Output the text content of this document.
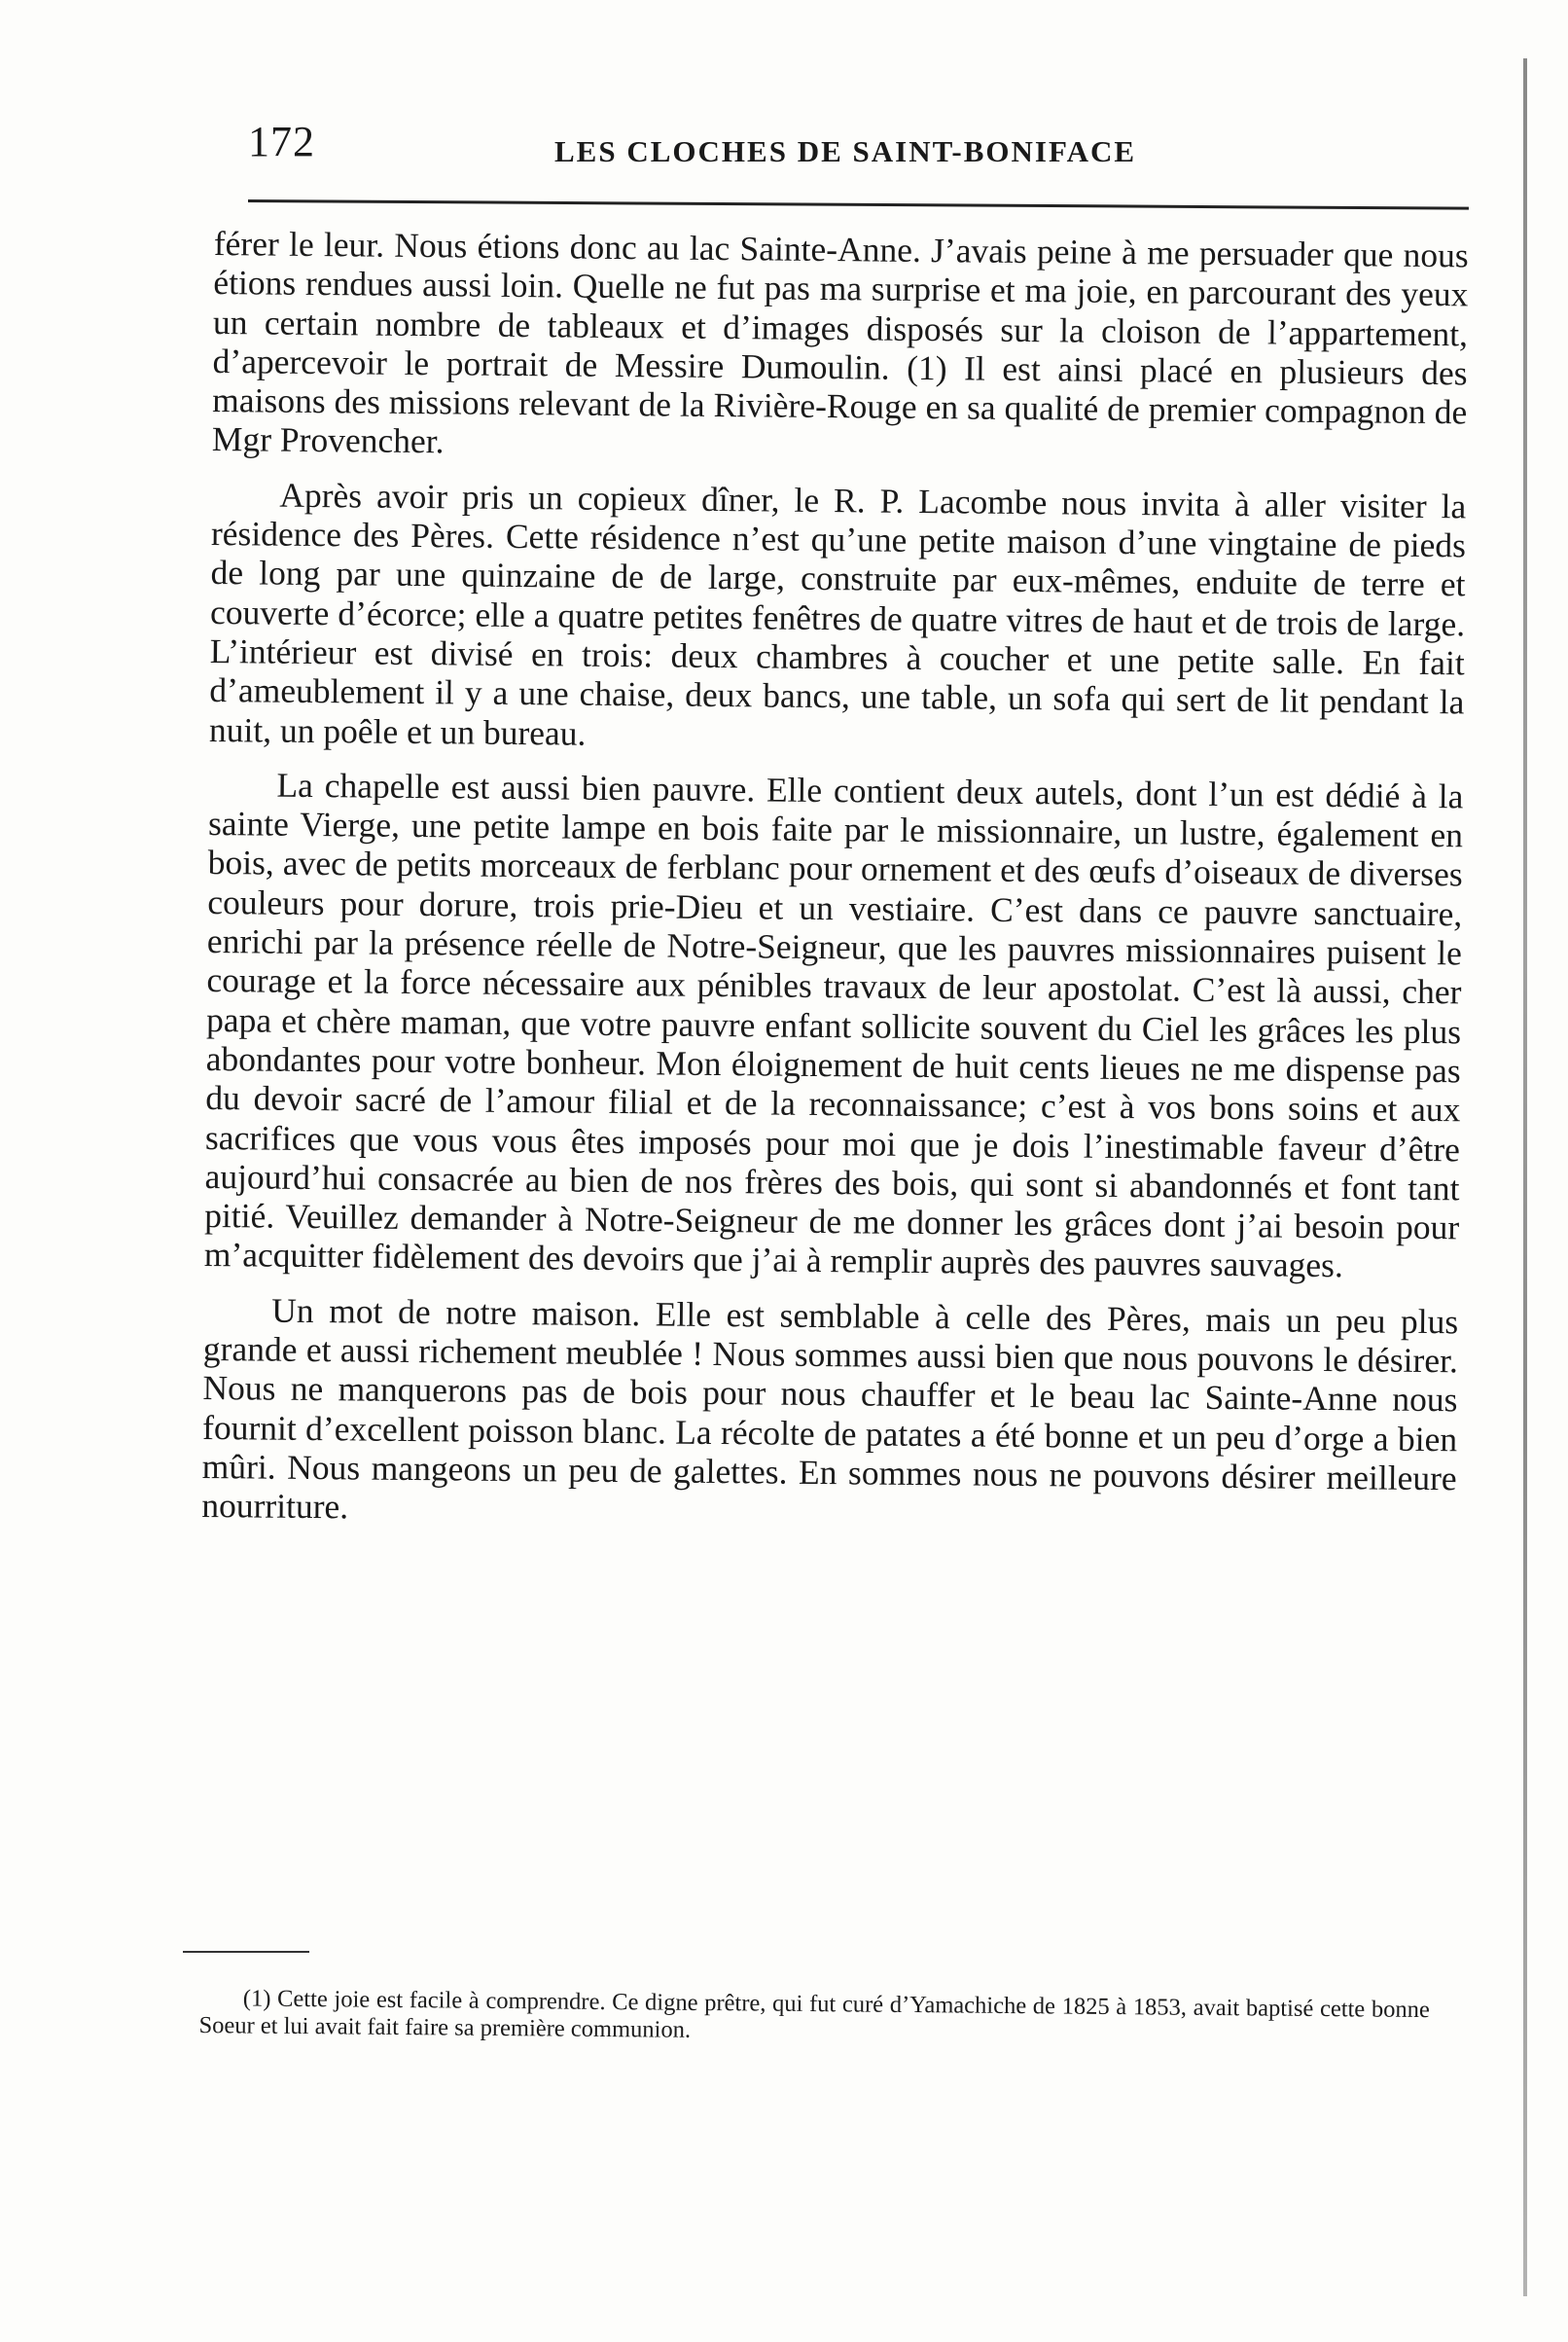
172	LES CLOCHES DE SAINT-BONIFACE

férer le leur. Nous étions donc au lac Sainte-Anne. J’avais peine à me persuader que nous étions rendues aussi loin. Quelle ne fut pas ma surprise et ma joie, en parcourant des yeux un certain nombre de tableaux et d’images disposés sur la cloison de l’appartement, d’apercevoir le portrait de Messire Dumoulin. (1) Il est ainsi placé en plusieurs des maisons des missions relevant de la Rivière-Rouge en sa qualité de premier compagnon de Mgr Provencher.

Après avoir pris un copieux dîner, le R. P. Lacombe nous invita à aller visiter la résidence des Pères. Cette résidence n’est qu’une petite maison d’une vingtaine de pieds de long par une quinzaine de de large, construite par eux-mêmes, enduite de terre et couverte d’écorce; elle a quatre petites fenêtres de quatre vitres de haut et de trois de large. L’intérieur est divisé en trois: deux chambres à coucher et une petite salle. En fait d’ameublement il y a une chaise, deux bancs, une table, un sofa qui sert de lit pendant la nuit, un poêle et un bureau.

La chapelle est aussi bien pauvre. Elle contient deux autels, dont l’un est dédié à la sainte Vierge, une petite lampe en bois faite par le missionnaire, un lustre, également en bois, avec de petits morceaux de ferblanc pour ornement et des œufs d’oiseaux de diverses couleurs pour dorure, trois prie-Dieu et un vestiaire. C’est dans ce pauvre sanctuaire, enrichi par la présence réelle de Notre-Seigneur, que les pauvres missionnaires puisent le courage et la force nécessaire aux pénibles travaux de leur apostolat. C’est là aussi, cher papa et chère maman, que votre pauvre enfant sollicite souvent du Ciel les grâces les plus abondantes pour votre bonheur. Mon éloignement de huit cents lieues ne me dispense pas du devoir sacré de l’amour filial et de la reconnaissance; c’est à vos bons soins et aux sacrifices que vous vous êtes imposés pour moi que je dois l’inestimable faveur d’être aujourd’hui consacrée au bien de nos frères des bois, qui sont si abandonnés et font tant pitié. Veuillez demander à Notre-Seigneur de me donner les grâces dont j’ai besoin pour m’acquitter fidèlement des devoirs que j’ai à remplir auprès des pauvres sauvages.

Un mot de notre maison. Elle est semblable à celle des Pères, mais un peu plus grande et aussi richement meublée ! Nous sommes aussi bien que nous pouvons le désirer. Nous ne manquerons pas de bois pour nous chauffer et le beau lac Sainte-Anne nous fournit d’excellent poisson blanc. La récolte de patates a été bonne et un peu d’orge a bien mûri. Nous mangeons un peu de galettes. En sommes nous ne pouvons désirer meilleure nourriture.

(1) Cette joie est facile à comprendre. Ce digne prêtre, qui fut curé d’Yamachiche de 1825 à 1853, avait baptisé cette bonne Soeur et lui avait fait faire sa première communion.
